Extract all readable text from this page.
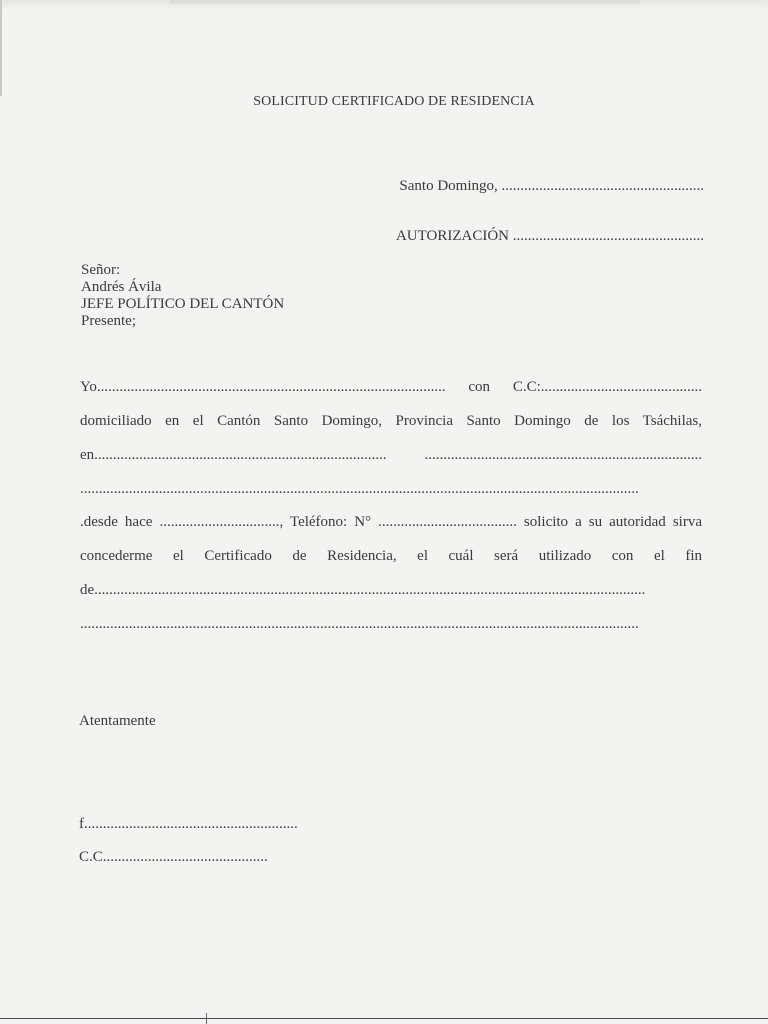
SOLICITUD CERTIFICADO DE RESIDENCIA
Santo Domingo, ......................................................
AUTORIZACIÓN ...................................................
Señor:
Andrés Ávila
JEFE POLÍTICO DEL CANTÓN
Presente;
Yo............................................................................................. con C.C:...........................................
domiciliado en el Cantón Santo Domingo, Provincia Santo Domingo de los Tsáchilas,
en.............................................................................. ..........................................................................
.....................................................................................................................................................
.desde hace ................................, Teléfono: N° ..................................... solicito a su autoridad sirva
concederme el Certificado de Residencia, el cuál será utilizado con el fin
de...................................................................................................................................................
.....................................................................................................................................................
Atentamente
f.........................................................
C.C............................................
